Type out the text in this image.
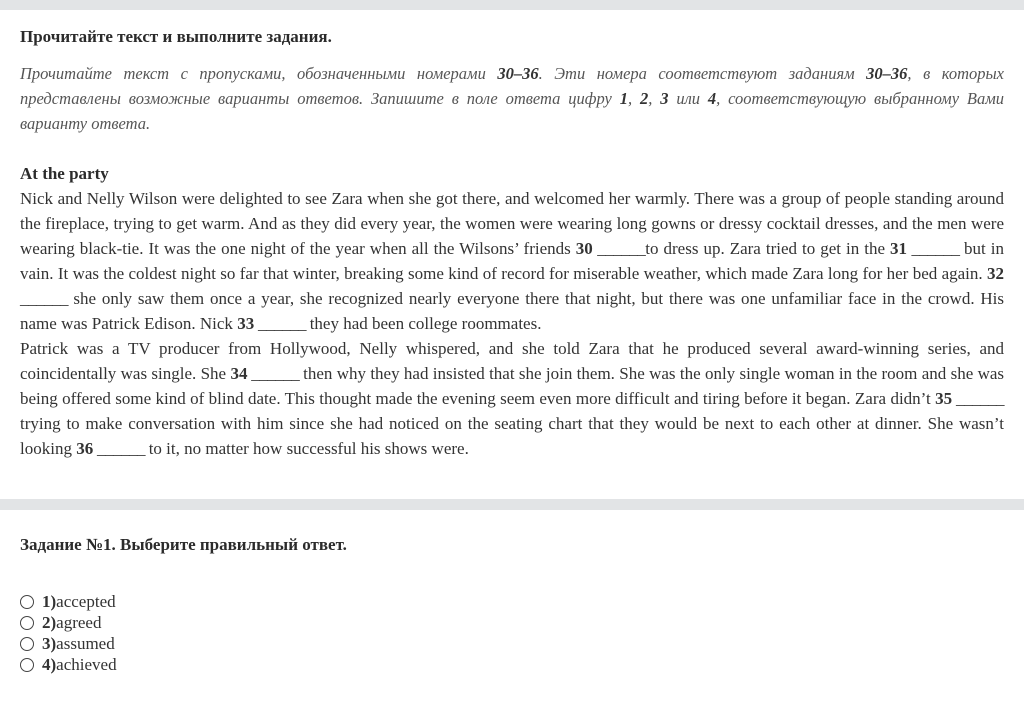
Прочитайте текст и выполните задания.

Прочитайте текст с пропусками, обозначенными номерами 30–36. Эти номера соответствуют заданиям 30–36, в которых представлены возможные варианты ответов. Запишите в поле ответа цифру 1, 2, 3 или 4, соответствующую выбранному Вами варианту ответа.

At the party

Nick and Nelly Wilson were delighted to see Zara when she got there, and welcomed her warmly. There was a group of people standing around the fireplace, trying to get warm. And as they did every year, the women were wearing long gowns or dressy cocktail dresses, and the men were wearing black-tie. It was the one night of the year when all the Wilsons’ friends 30 ______to dress up. Zara tried to get in the 31 ______ but in vain. It was the coldest night so far that winter, breaking some kind of record for miserable weather, which made Zara long for her bed again. 32 ______ she only saw them once a year, she recognized nearly everyone there that night, but there was one unfamiliar face in the crowd. His name was Patrick Edison. Nick 33 ______ they had been college roommates.

Patrick was a TV producer from Hollywood, Nelly whispered, and she told Zara that he produced several award-winning series, and coincidentally was single. She 34 ______ then why they had insisted that she join them. She was the only single woman in the room and she was being offered some kind of blind date. This thought made the evening seem even more difficult and tiring before it began. Zara didn’t 35 ______ trying to make conversation with him since she had noticed on the seating chart that they would be next to each other at dinner. She wasn’t looking 36 ______ to it, no matter how successful his shows were.

Задание №1. Выберите правильный ответ.
1) accepted
2) agreed
3) assumed
4) achieved
